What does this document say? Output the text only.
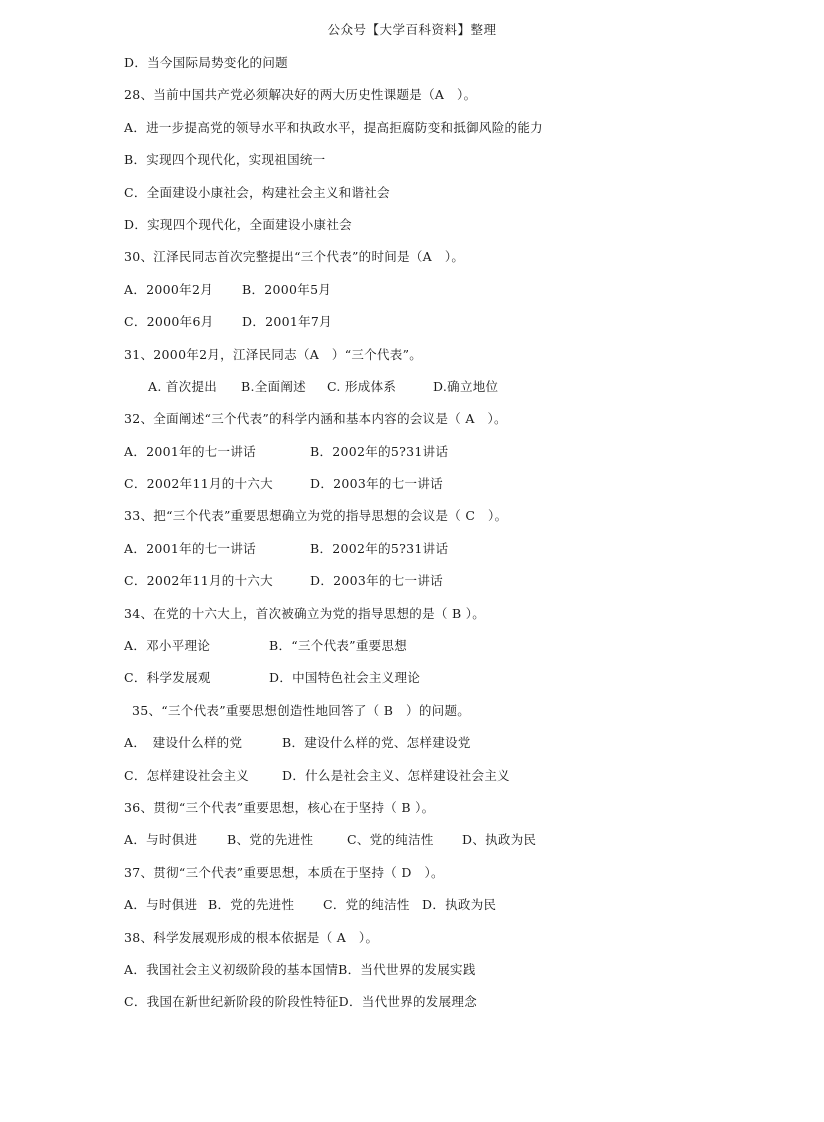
公众号【大学百科资料】整理
D．当今国际局势变化的问题
28、当前中国共产党必须解决好的两大历史性课题是（A　）。
A．进一步提高党的领导水平和执政水平，提高拒腐防变和抵御风险的能力
B．实现四个现代化，实现祖国统一
C．全面建设小康社会，构建社会主义和谐社会
D．实现四个现代化，全面建设小康社会
30、江泽民同志首次完整提出“三个代表”的时间是（A　）。
A．2000年2月 B．2000年5月
C．2000年6月 D．2001年7月
31、2000年2月，江泽民同志（A　）“三个代表”。
A. 首次提出 B.全面阐述 C. 形成体系	D.确立地位
32、全面阐述“三个代表”的科学内涵和基本内容的会议是（ A　）。
A．2001年的七一讲话	B．2002年的5?31讲话
C．2002年11月的十六大	D．2003年的七一讲话
33、把“三个代表”重要思想确立为党的指导思想的会议是（ C　）。
A．2001年的七一讲话	B．2002年的5?31讲话
C．2002年11月的十六大	D．2003年的七一讲话
34、在党的十六大上，首次被确立为党的指导思想的是（ B ）。
A．邓小平理论	B．“三个代表”重要思想
C．科学发展观	D．中国特色社会主义理论
35、“三个代表”重要思想创造性地回答了（ B　）的问题。
A．　建设什么样的党	B．建设什么样的党、怎样建设党
C．怎样建设社会主义	D．什么是社会主义、怎样建设社会主义
36、贯彻“三个代表”重要思想，核心在于坚持（ B ）。
A．与时俱进 B、党的先进性	C、党的纯洁性 D、执政为民
37、贯彻“三个代表”重要思想，本质在于坚持（ D　）。
A．与时俱进 B．党的先进性 C．党的纯洁性 D．执政为民
38、科学发展观形成的根本依据是（ A　）。
A．我国社会主义初级阶段的基本国情B．当代世界的发展实践
C．我国在新世纪新阶段的阶段性特征D．当代世界的发展理念
